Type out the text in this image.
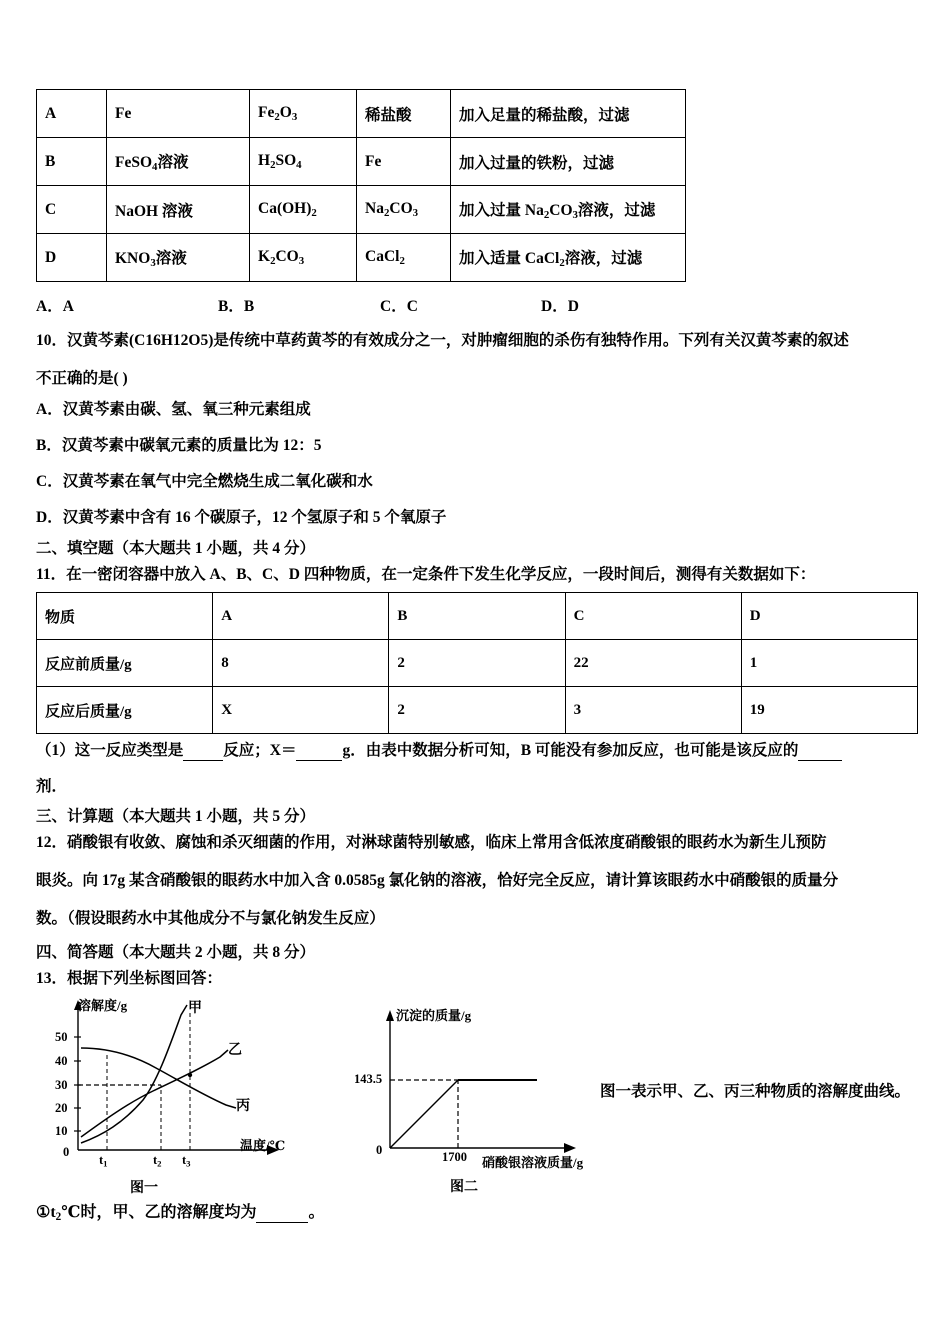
A	Fe	$Fe_2O_3$	稀盐酸	加入足量的稀盐酸，过滤
B	FeSO$_4$溶液	$H_2SO_4$	Fe	加入过量的铁粉，过滤
C	NaOH 溶液	$Ca(OH)_2$	$Na_2CO_3$	加入过量 $Na_2CO_3$溶液，过滤
D	$KNO_3$溶液	$K_2CO_3$	CaCl$_2$	加入适量 CaCl$_2$溶液，过滤
A．A	B．B	C．C	D．D
10．汉黄芩素(C16H12O5)是传统中草药黄芩的有效成分之一，对肿瘤细胞的杀伤有独特作用。下列有关汉黄芩素的叙述
不正确的是( )
A．汉黄芩素由碳、氢、氧三种元素组成
B．汉黄芩素中碳氧元素的质量比为 12：5
C．汉黄芩素在氧气中完全燃烧生成二氧化碳和水
D．汉黄芩素中含有 16 个碳原子，12 个氢原子和 5 个氧原子
二、填空题（本大题共 1 小题，共 4 分）
11．在一密闭容器中放入 A、B、C、D 四种物质，在一定条件下发生化学反应，一段时间后，测得有关数据如下：
物质	A	B	C	D
反应前质量/g	8	2	22	1
反应后质量/g	X	2	3	19
（1）这一反应类型是	反应；X＝	g．由表中数据分析可知，B 可能没有参加反应，也可能是该反应的
剂．
三、计算题（本大题共 1 小题，共 5 分）
12．硝酸银有收敛、腐蚀和杀灭细菌的作用，对淋球菌特别敏感，临床上常用含低浓度硝酸银的眼药水为新生儿预防
眼炎。向 17g 某含硝酸银的眼药水中加入含 0.0585g 氯化钠的溶液，恰好完全反应，请计算该眼药水中硝酸银的质量分
数。（假设眼药水中其他成分不与氯化钠发生反应）
四、简答题（本大题共 2 小题，共 8 分）
13．根据下列坐标图回答：
溶解度/g
温度/℃
50
40
30
20
10
0
$t_1$	$t_2$ $t_3$
甲
乙
丙
图一
沉淀的质量/g
硝酸银溶液质量/g
143.5
0	1700
图二
图一表示甲、乙、丙三种物质的溶解度曲线。
$①t_2℃$时，甲、乙的溶解度均为	。
